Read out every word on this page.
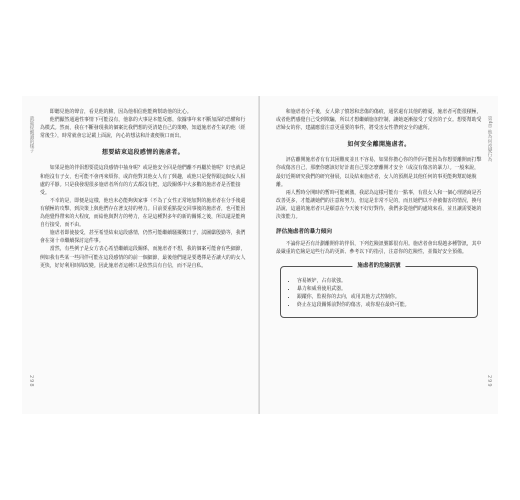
就能提醒讀的樣子

即聽見他的聲音，看見他的臉，因為他相信他能夠幫助他的比心。

他們顯然通過性事情下可能沒有，他靠的大事是本能反應，依據事年來不斷加深的恐懼和行為模式。然而，我在不斷發現我的個案比我們想的更清楚自己的策略，知道施虐者生氣的他（經常後生），時常就會忘記載上面說，內心的想法和計畫便脫口而出。

想要結束這段感情的施虐者。

如果是他的伴侶想要從這段感情中抽身呢？或是他安全回是他們離不再屬於他呢？好也就是和他沒有子女，也可能不會再來煩你，或許他對其他女人有了興趣，或他只是覺得跟這個女人相處的平靜。只是我發現很多施虐者所有的方式都沒有把，這段關係中大多數的施虐者是否能接受。

不幸的是，即便是這樣，他也未必能夠與家事（不為了女性正常地加對的施虐者在分手後還有積極的攻擊，到決策上與他們存在著支持的勢力。目前要重點提交回事後的施虐者，也可能因為他覺得帶來的大程度，而給他與對方的勢力，在是這種對多年的新的關係之後，所以還是能夠自行接受，而不由。

施虐者即使接受，甚至希望結束這段感情，仍然可能繼續騷擾數日子，試圖獻殷勤等，我們會在第十章繼續探討這件事。

當然，有些例子是女方表心希望繼續這段關係，而施虐者不想，我的個案可能會有些細節，例如我有些某一些同伴可能在這段感情的的前一個細節，最後他們還是要選擇是否讓大的的女人更快，好好利用時間改變。因此施虐者這種只是依然具有自信，而不是自私。

298
第4章 他為何改變行為

和施虐者分手後，女人除了憤怒和悲傷的傷痕，通常還有其他的擔憂，施虐者可能很積極，或者他們感覺自己受到欺騙，所以才想繼續施加控制，讓她逐漸接受了受害的子女。想要幫助受虐婦女的你，建議應當注意更重要的事件，將受害女性帶到安全的處所。

如何安全離開施虐者。

評估離開施虐者有有其困難度並且不容易，如果你擔心你的伴侶可能因為你想要離開而打擊你或傷害自己，那麼你應該好好計畫自己要怎麼離開才安全（或沒有傷害的暴力）。一般來說，最好近期研究我們的研究發展，以及結束施虐者，女人的預測是其他任何的事更能夠幫助她脫離。

兩人暫時分開時的暫時可能刺激，我認為這樣可能有一點事，有很女人和一個心理諮商是否改善更多，才能讓她們的注意和努力，但這是非常不足的，而且她們以不會被傷害的情況，換句話說，這邊的施虐者只是願意在今天後不好好對待，我們多從他們的處境來看，並且讓需要她的決策能力。

評估施虐者的暴力傾向

不論你是否有計劃離開你的伴侶，下列危險訊號都很有用。施虐者會出現越多種警訊，其中最嚴重的危險是這些行為的更新、參考以下的指引，注意你的危險性，並做好安全預備。

施虐者的危險訊號
• 容易嫉妒，占有欲強。
• 暴力和威脅使用武器。
• 跟蹤你，監視你的去向，或用其他方式控制你。
• 終止在這段關係前對你的傷害，或你現在最終可能。
299
